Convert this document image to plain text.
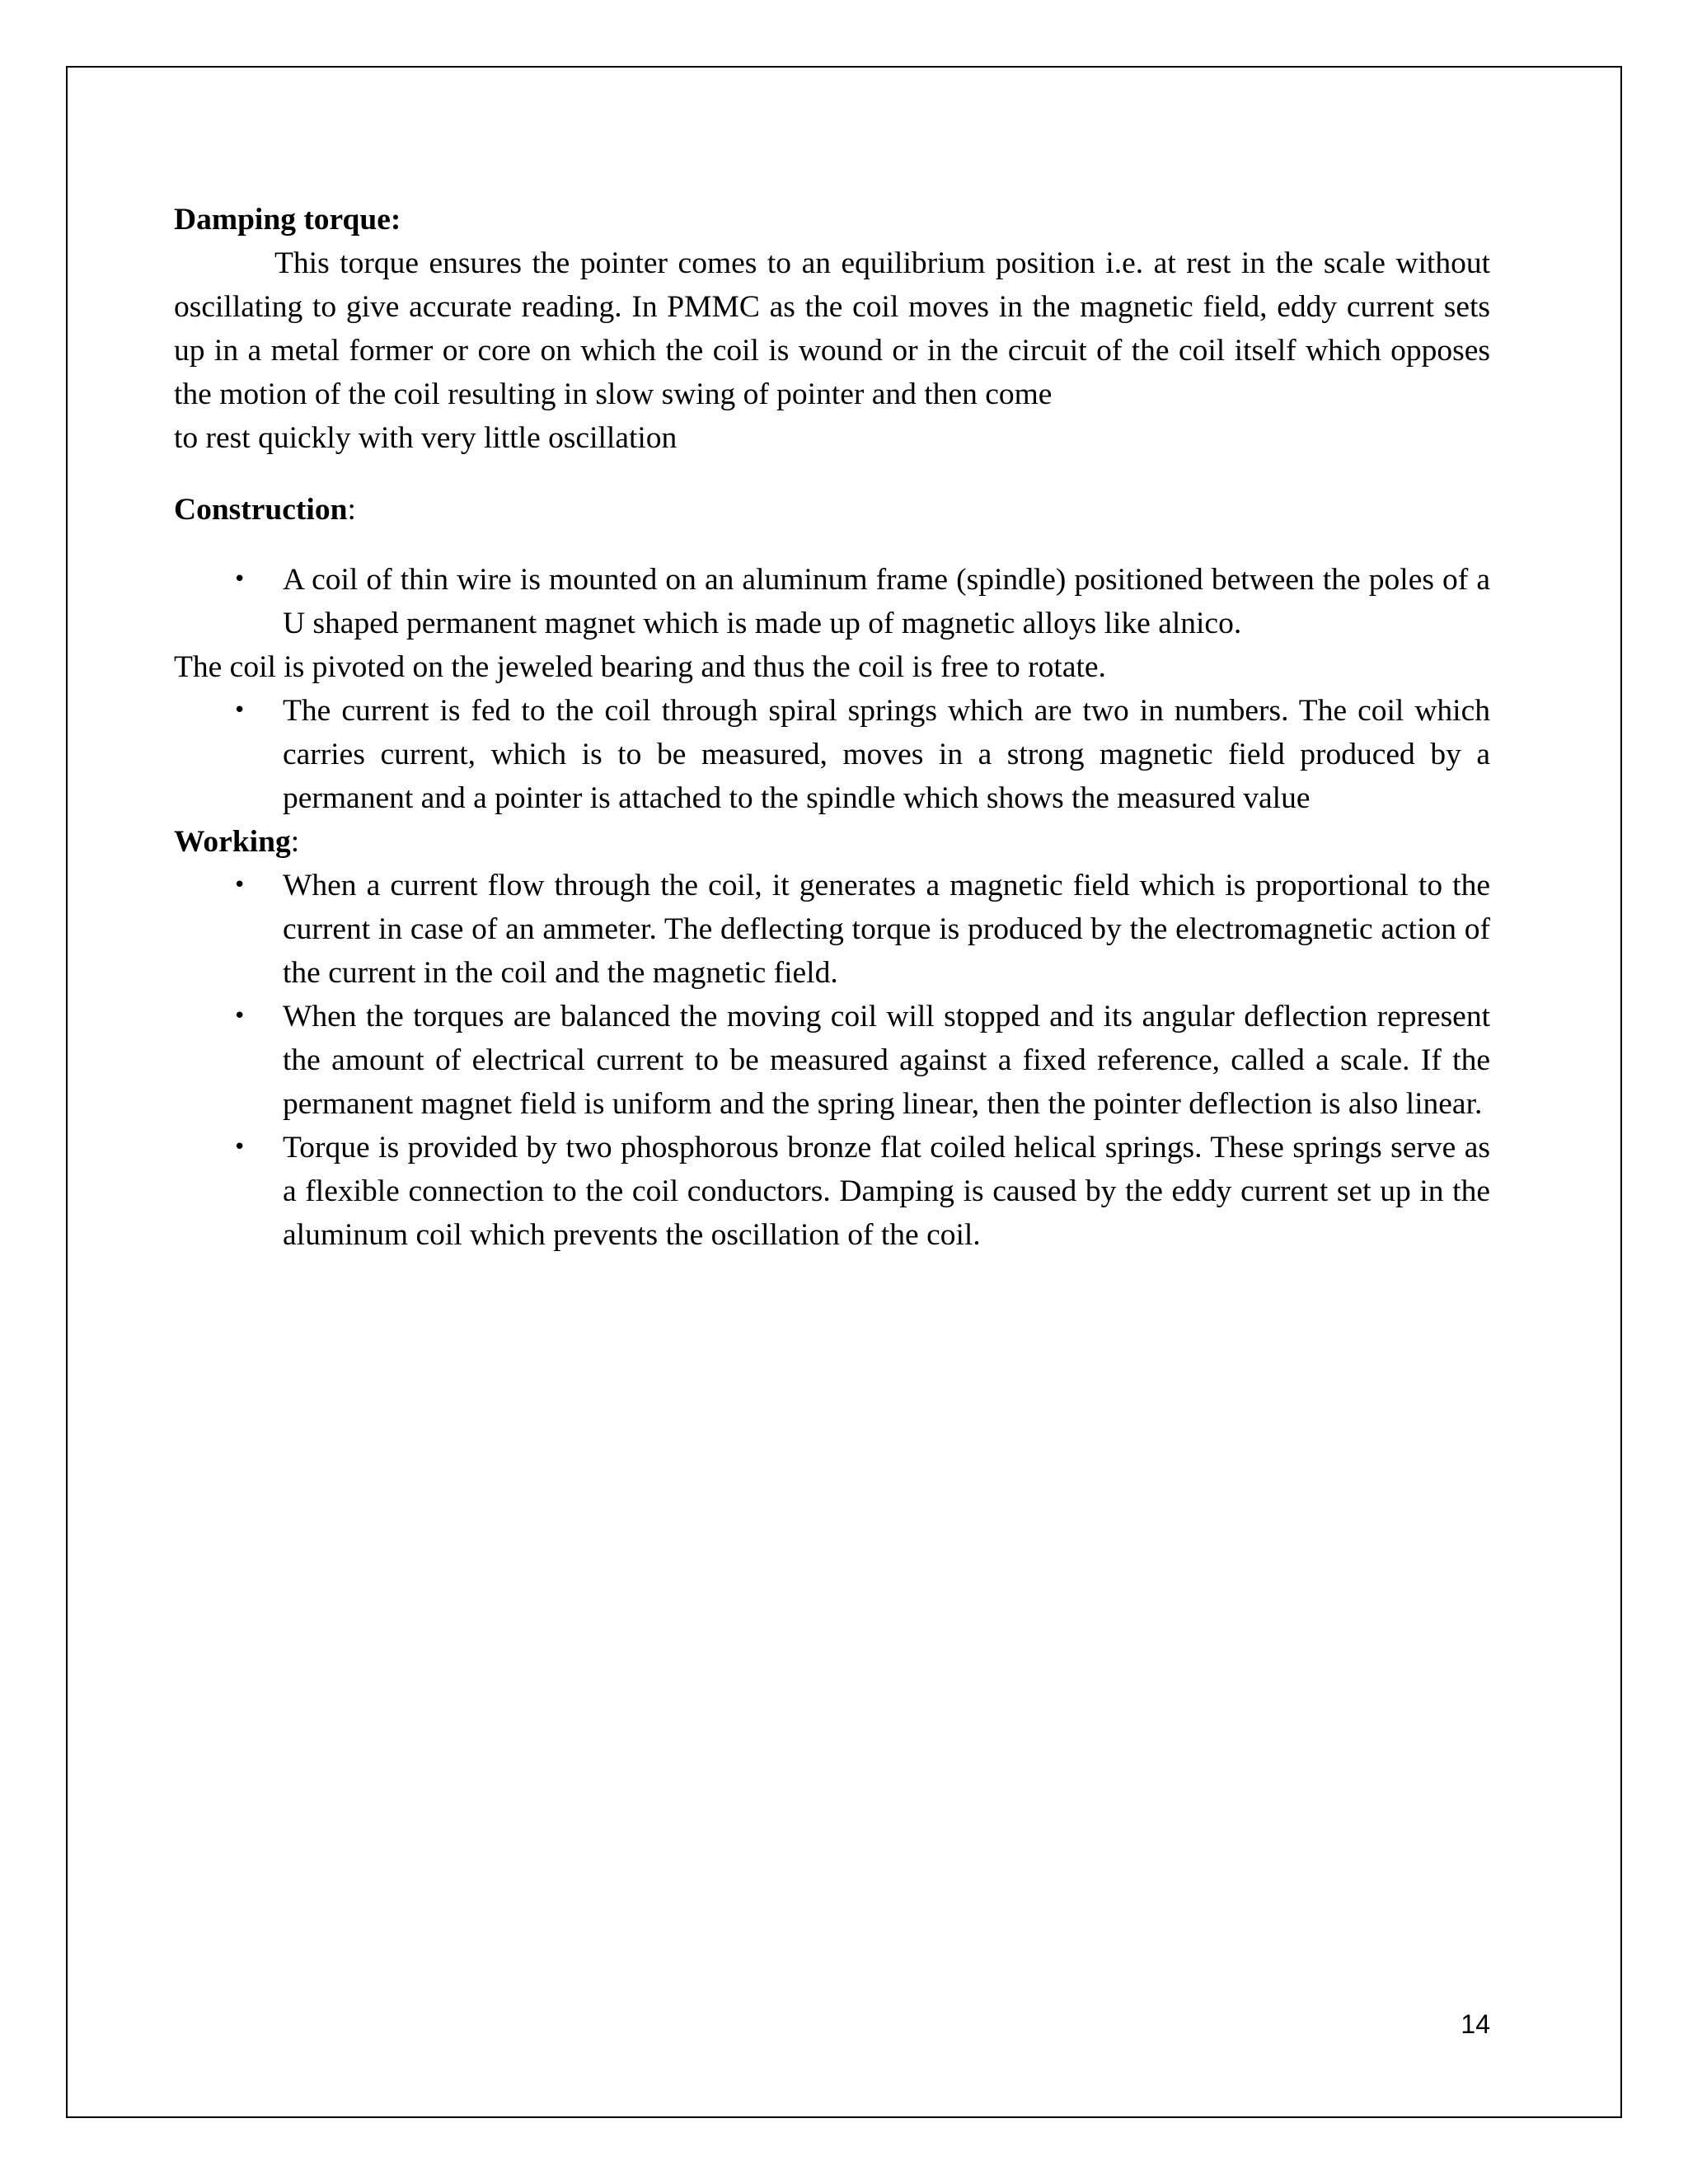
Damping torque:

This torque ensures the pointer comes to an equilibrium position i.e. at rest in the scale without oscillating to give accurate reading. In PMMC as the coil moves in the magnetic field, eddy current sets up in a metal former or core on which the coil is wound or in the circuit of the coil itself which opposes the motion of the coil resulting in slow swing of pointer and then come

to rest quickly with very little oscillation

Construction:

• A coil of thin wire is mounted on an aluminum frame (spindle) positioned between the poles of a U shaped permanent magnet which is made up of magnetic alloys like alnico.

The coil is pivoted on the jeweled bearing and thus the coil is free to rotate.

• The current is fed to the coil through spiral springs which are two in numbers. The coil which carries current, which is to be measured, moves in a strong magnetic field produced by a permanent and a pointer is attached to the spindle which shows the measured value

Working:

• When a current flow through the coil, it generates a magnetic field which is proportional to the current in case of an ammeter. The deflecting torque is produced by the electromagnetic action of the current in the coil and the magnetic field.
• When the torques are balanced the moving coil will stopped and its angular deflection represent the amount of electrical current to be measured against a fixed reference, called a scale. If the permanent magnet field is uniform and the spring linear, then the pointer deflection is also linear.
• Torque is provided by two phosphorous bronze flat coiled helical springs. These springs serve as a flexible connection to the coil conductors. Damping is caused by the eddy current set up in the aluminum coil which prevents the oscillation of the coil.
14
